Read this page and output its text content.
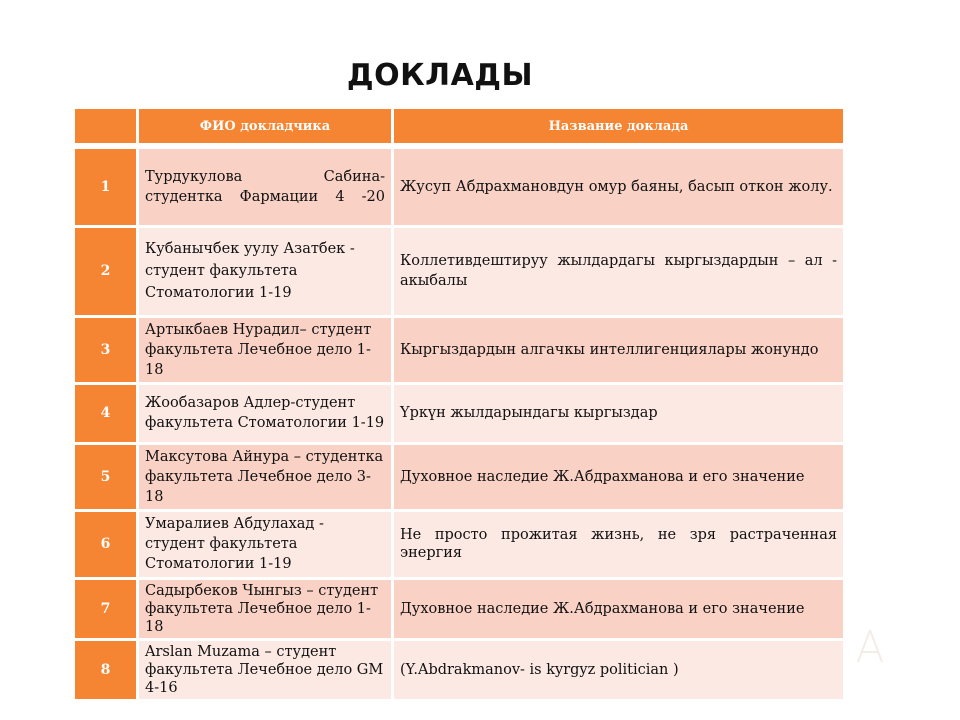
ДОКЛАДЫ
	ФИО докладчика	Название доклада
1	Турдукулова Сабина- студентка Фармации 4 -20	Жусуп Абдрахмановдун омур баяны, басып откон жолу.
2	Кубанычбек уулу Азатбек - студент факультета Стоматологии 1-19	Коллетивдештируу жылдардагы кыргыздардын – ал - акыбалы
3	Артыкбаев Нурадил– студент факультета Лечебное дело 1-18	Кыргыздардын алгачкы интеллигенциялары жонундо
4	Жообазаров Адлер-студент факультета Стоматологии 1-19	Үркүн жылдарындагы кыргыздар
5	Максутова Айнура – студентка факультета Лечебное дело 3-18	Духовное наследие Ж.Абдрахманова и его значение
6	Умаралиев Абдулахад - студент факультета Стоматологии 1-19	Не просто прожитая жизнь, не зря растраченная энергия
7	Садырбеков Чынгыз – студент факультета Лечебное дело 1-18	Духовное наследие Ж.Абдрахманова и его значение
8	Arslan Muzama – студент факультета Лечебное дело GM 4-16	(Y.Abdrakmanov- is kyrgyz politician )
